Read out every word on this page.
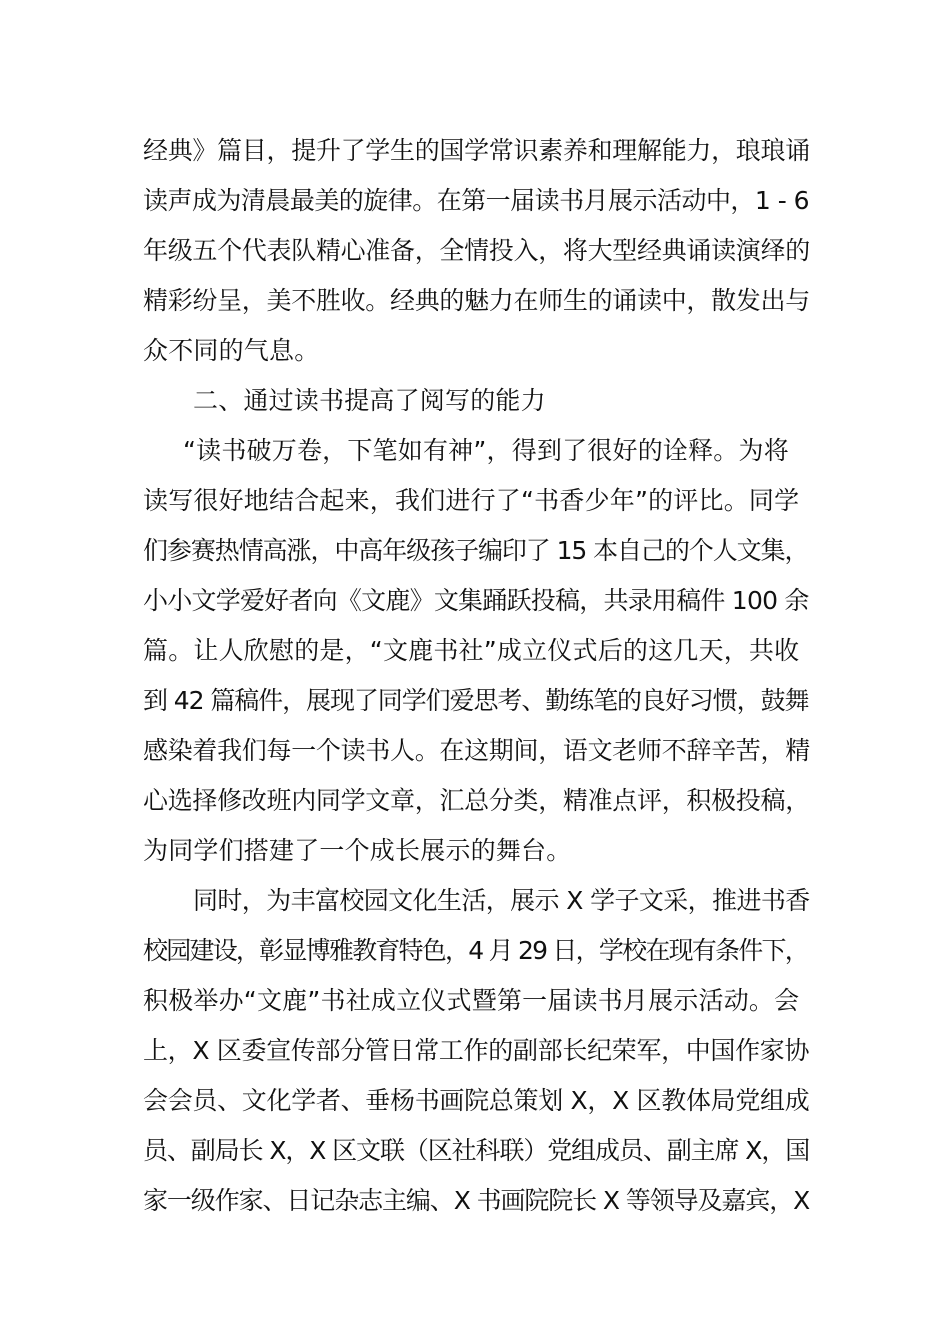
经典》篇目，提升了学生的国学常识素养和理解能力，琅琅诵
读声成为清晨最美的旋律。在第一届读书月展示活动中，1 - 6
年级五个代表队精心准备，全情投入，将大型经典诵读演绎的
精彩纷呈，美不胜收。经典的魅力在师生的诵读中，散发出与
众不同的气息。
二、通过读书提高了阅写的能力
“读书破万卷，下笔如有神”，得到了很好的诠释。为将
读写很好地结合起来，我们进行了“书香少年”的评比。同学
们参赛热情高涨，中高年级孩子编印了 15 本自己的个人文集，
小小文学爱好者向《文鹿》文集踊跃投稿，共录用稿件 100 余
篇。让人欣慰的是，“文鹿书社”成立仪式后的这几天，共收
到 42 篇稿件，展现了同学们爱思考、勤练笔的良好习惯，鼓舞
感染着我们每一个读书人。在这期间，语文老师不辞辛苦，精
心选择修改班内同学文章，汇总分类，精准点评，积极投稿，
为同学们搭建了一个成长展示的舞台。
同时，为丰富校园文化生活，展示 X 学子文采，推进书香
校园建设，彰显博雅教育特色，4 月 29 日，学校在现有条件下，
积极举办“文鹿”书社成立仪式暨第一届读书月展示活动。会
上，X 区委宣传部分管日常工作的副部长纪荣军，中国作家协
会会员、文化学者、垂杨书画院总策划 X，X 区教体局党组成
员、副局长 X，X 区文联（区社科联）党组成员、副主席 X，国
家一级作家、日记杂志主编、X 书画院院长 X 等领导及嘉宾，X
